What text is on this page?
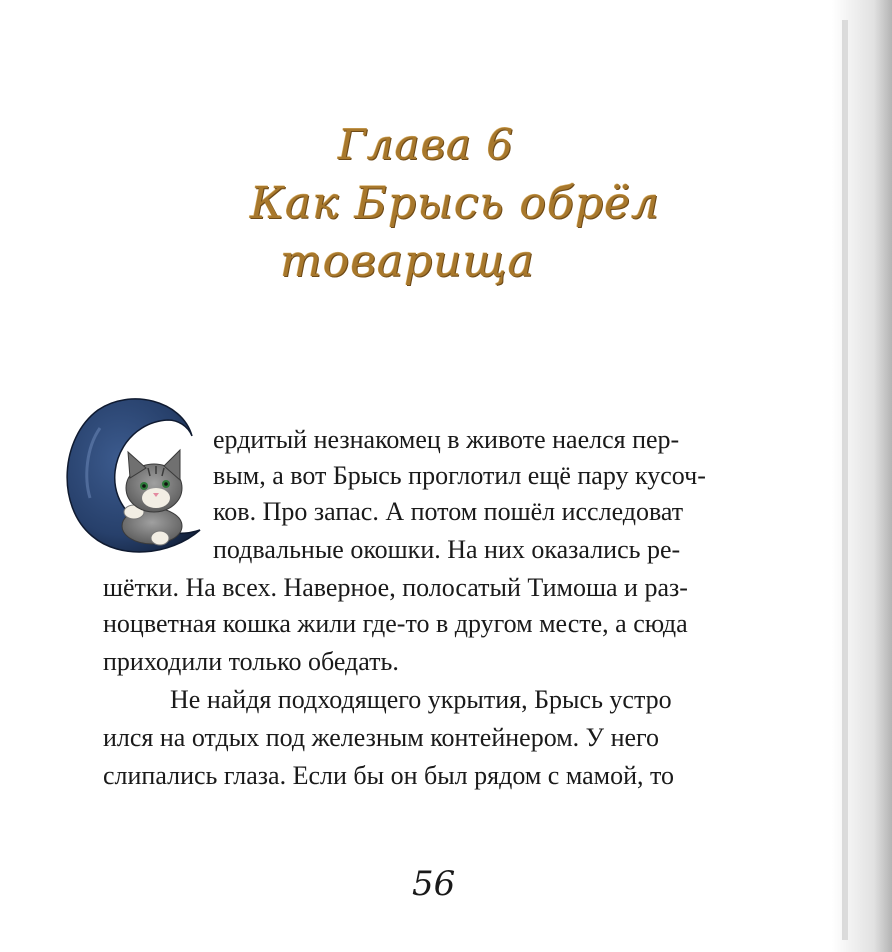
Глава 6
Как Брысь обрёл
товарища
ердитый незнакомец в животе наелся пер-
вым, а вот Брысь проглотил ещё пару кусоч-
ков. Про запас. А потом пошёл исследоват
подвальные окошки. На них оказались ре-
шётки. На всех. Наверное, полосатый Тимоша и раз-
ноцветная кошка жили где-то в другом месте, а сюда
приходили только обедать.
Не найдя подходящего укрытия, Брысь устро
ился на отдых под железным контейнером. У него
слипались глаза. Если бы он был рядом с мамой, то
56
